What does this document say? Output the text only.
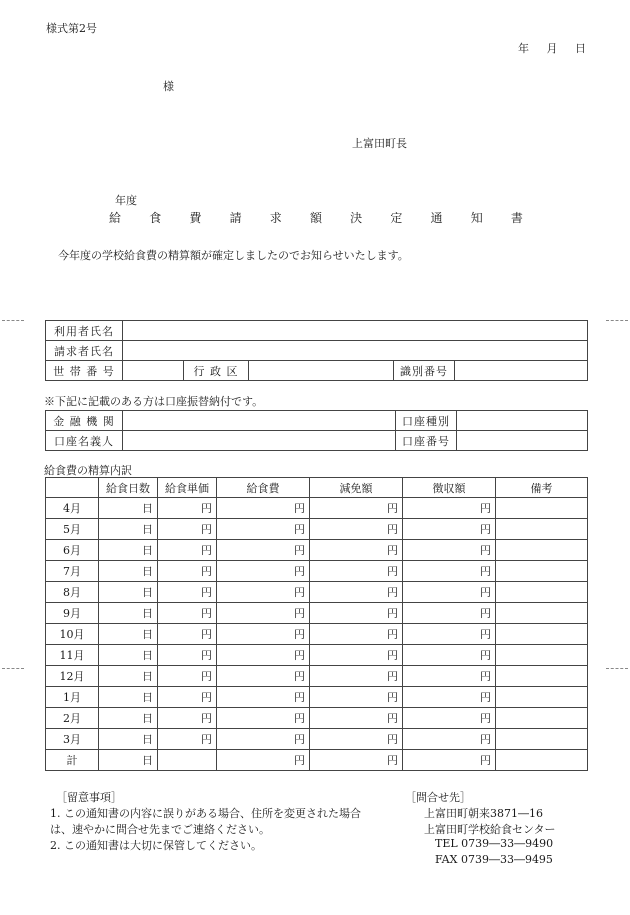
様式第2号
年 月 日
様
上富田町長
年度
給 食 費 請 求 額 決 定 通 知 書
今年度の学校給食費の精算額が確定しましたのでお知らせいたします。
利用者氏名					
請求者氏名					
世 帯 番 号		行 政 区		識別番号	
※下記に記載のある方は口座振替納付です。
金 融 機 関		口座種別	
口座名義人		口座番号	
給食費の精算内訳
	給食日数	給食単価	給食費	減免額	徴収額	備考
4月	日	円	円	円	円	
5月	日	円	円	円	円	
6月	日	円	円	円	円	
7月	日	円	円	円	円	
8月	日	円	円	円	円	
9月	日	円	円	円	円	
10月	日	円	円	円	円	
11月	日	円	円	円	円	
12月	日	円	円	円	円	
1月	日	円	円	円	円	
2月	日	円	円	円	円	
3月	日	円	円	円	円	
計	日		円	円	円	
［留意事項］
1. この通知書の内容に誤りがある場合、住所を変更された場合
は、速やかに問合せ先までご連絡ください。
2. この通知書は大切に保管してください。
［問合せ先］
上富田町朝来3871―16
上富田町学校給食センター
TEL 0739―33―9490
FAX 0739―33―9495
